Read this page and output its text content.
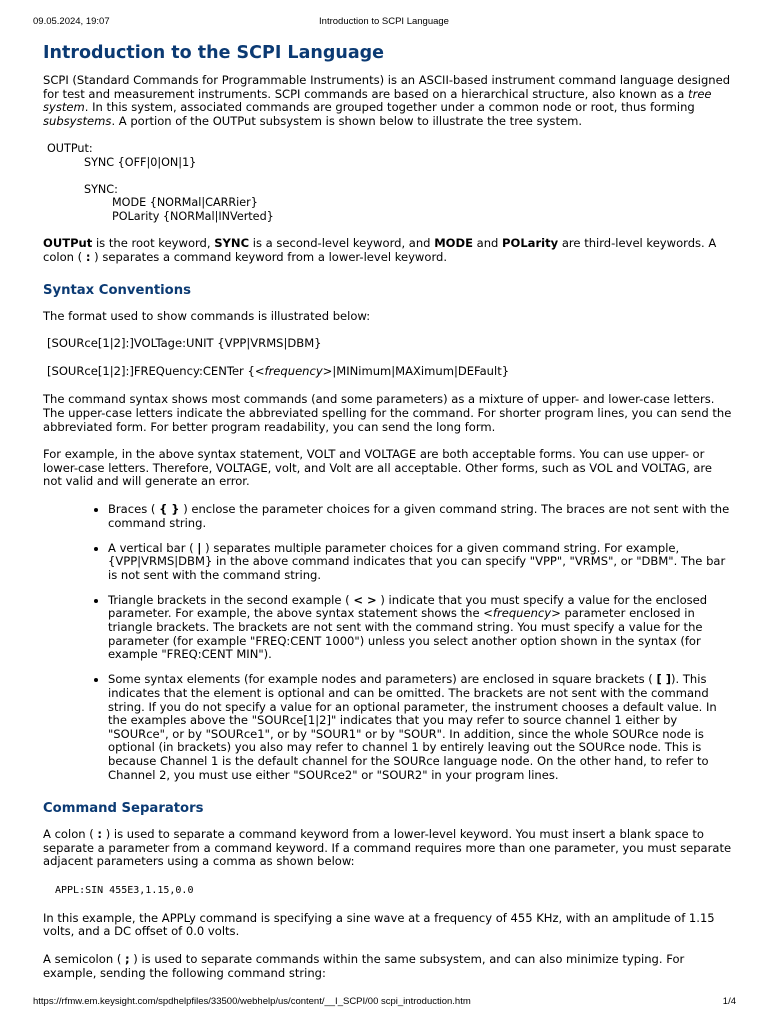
09.05.2024, 19:07	Introduction to SCPI Language
Introduction to the SCPI Language

SCPI (Standard Commands for Programmable Instruments) is an ASCII-based instrument command language designed for test and measurement instruments. SCPI commands are based on a hierarchical structure, also known as a tree system. In this system, associated commands are grouped together under a common node or root, thus forming subsystems. A portion of the OUTPut subsystem is shown below to illustrate the tree system.

OUTPut:
SYNC {OFF|0|ON|1}
SYNC:
MODE {NORMal|CARRier}
POLarity {NORMal|INVerted}

OUTPut is the root keyword, SYNC is a second-level keyword, and MODE and POLarity are third-level keywords. A colon ( : ) separates a command keyword from a lower-level keyword.

Syntax Conventions

The format used to show commands is illustrated below:

[SOURce[1|2]:]VOLTage:UNIT {VPP|VRMS|DBM}

[SOURce[1|2]:]FREQuency:CENTer {<frequency>|MINimum|MAXimum|DEFault}

The command syntax shows most commands (and some parameters) as a mixture of upper- and lower-case letters. The upper-case letters indicate the abbreviated spelling for the command. For shorter program lines, you can send the abbreviated form. For better program readability, you can send the long form.

For example, in the above syntax statement, VOLT and VOLTAGE are both acceptable forms. You can use upper- or lower-case letters. Therefore, VOLTAGE, volt, and Volt are all acceptable. Other forms, such as VOL and VOLTAG, are not valid and will generate an error.

• Braces ( { } ) enclose the parameter choices for a given command string. The braces are not sent with the command string.
• A vertical bar ( | ) separates multiple parameter choices for a given command string. For example, {VPP|VRMS|DBM} in the above command indicates that you can specify "VPP", "VRMS", or "DBM". The bar is not sent with the command string.
• Triangle brackets in the second example ( < > ) indicate that you must specify a value for the enclosed parameter. For example, the above syntax statement shows the <frequency> parameter enclosed in triangle brackets. The brackets are not sent with the command string. You must specify a value for the parameter (for example "FREQ:CENT 1000") unless you select another option shown in the syntax (for example "FREQ:CENT MIN").
• Some syntax elements (for example nodes and parameters) are enclosed in square brackets ( [ ]). This indicates that the element is optional and can be omitted. The brackets are not sent with the command string. If you do not specify a value for an optional parameter, the instrument chooses a default value. In the examples above the "SOURce[1|2]" indicates that you may refer to source channel 1 either by "SOURce", or by "SOURce1", or by "SOUR1" or by "SOUR". In addition, since the whole SOURce node is optional (in brackets) you also may refer to channel 1 by entirely leaving out the SOURce node. This is because Channel 1 is the default channel for the SOURce language node. On the other hand, to refer to Channel 2, you must use either "SOURce2" or "SOUR2" in your program lines.
Command Separators

A colon ( : ) is used to separate a command keyword from a lower-level keyword. You must insert a blank space to separate a parameter from a command keyword. If a command requires more than one parameter, you must separate adjacent parameters using a comma as shown below:

APPL:SIN 455E3,1.15,0.0

In this example, the APPLy command is specifying a sine wave at a frequency of 455 KHz, with an amplitude of 1.15 volts, and a DC offset of 0.0 volts.

A semicolon ( ; ) is used to separate commands within the same subsystem, and can also minimize typing. For example, sending the following command string:

https://rfmw.em.keysight.com/spdhelpfiles/33500/webhelp/us/content/__I_SCPI/00 scpi_introduction.htm	1/4
